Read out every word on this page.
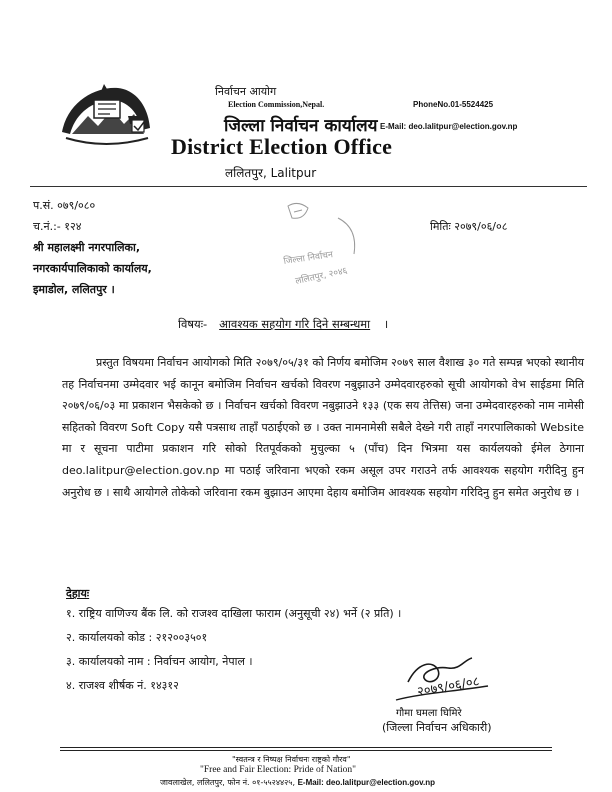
निर्वाचन आयोग
Election Commission,Nepal.	PhoneNo.01-5524425
जिल्ला निर्वाचन कार्यालय E-Mail: deo.lalitpur@election.gov.np
District Election Office
ललितपुर, Lalitpur
प.सं. ०७९/०८०
च.नं.:- १२४	मितिः २०७९/०६/०८
श्री महालक्ष्मी नगरपालिका,
नगरकार्यपालिकाको कार्यालय,
इमाडोल, ललितपुर ।
जिल्ला निर्वाचन
ललितपुर, २०४६
विषयः- आवश्यक सहयोग गरि दिने सम्बन्धमा ।
प्रस्तुत विषयमा निर्वाचन आयोगको मिति २०७९/०५/३१ को निर्णय बमोजिम २०७९ साल वैशाख ३० गते सम्पन्न भएको स्थानीय तह निर्वाचनमा उम्मेदवार भई कानून बमोजिम निर्वाचन खर्चको विवरण नबुझाउने उम्मेदवारहरुको सूची आयोगको वेभ साईडमा मिति २०७९/०६/०३ मा प्रकाशन भैसकेको छ । निर्वाचन खर्चको विवरण नबुझाउने १३३ (एक सय तेत्तिस) जना उम्मेदवारहरुको नाम नामेसी सहितको विवरण Soft Copy यसै पत्रसाथ ताहाँ पठाईएको छ । उक्त नामनामेसी सबैले देख्ने गरी ताहाँ नगरपालिकाको Website मा र सूचना पाटीमा प्रकाशन गरि सोको रितपूर्वकको मुचुल्का ५ (पाँच) दिन भित्रमा यस कार्यलयको ईमेल ठेगाना deo.lalitpur@election.gov.np मा पठाई जरिवाना भएको रकम असूल उपर गराउने तर्फ आवश्यक सहयोग गरीदिनु हुन अनुरोध छ । साथै आयोगले तोकेको जरिवाना रकम बुझाउन आएमा देहाय बमोजिम आवश्यक सहयोग गरिदिनु हुन समेत अनुरोध छ ।
देहायः
१. राष्ट्रिय वाणिज्य बैंक लि. को राजश्व दाखिला फाराम (अनुसूची २४) भर्ने (२ प्रति) ।
२. कार्यालयको कोड : २१२००३५०१
३. कार्यालयको नाम : निर्वाचन आयोग, नेपाल ।
४. राजश्व शीर्षक नं. १४३१२	२०७९/०६/०८
गौमा घमला घिमिरे
(जिल्ला निर्वाचन अधिकारी)
"स्वतन्त्र र निष्पक्ष निर्वाचनः राष्ट्रको गौरव"
"Free and Fair Election: Pride of Nation"
जावलाखेल, ललितपुर, फोन नं. ०१-५५२४४२५, E-Mail: deo.lalitpur@election.gov.np
